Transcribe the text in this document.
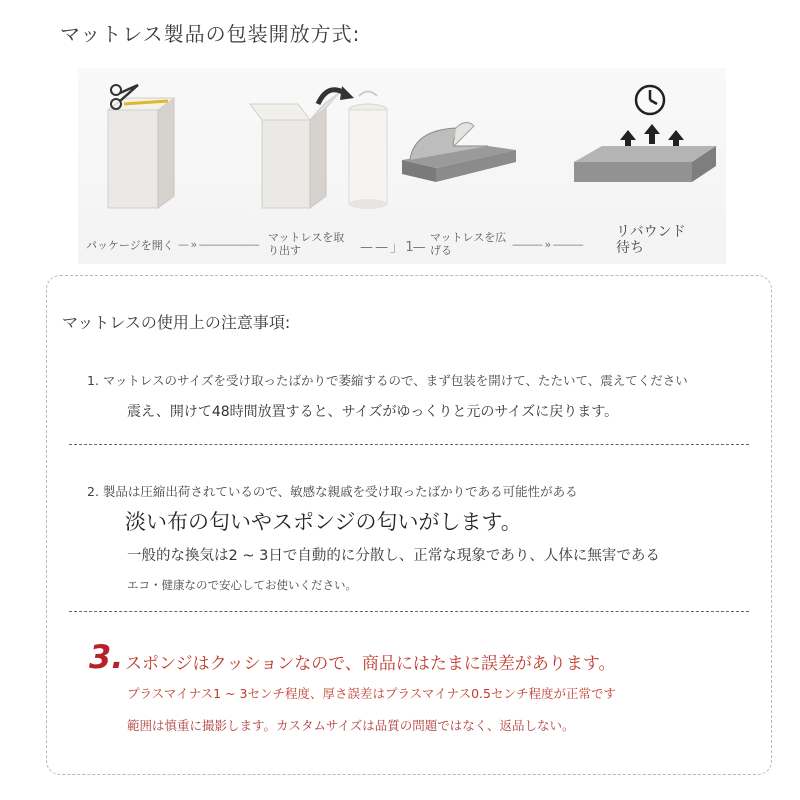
マットレス製品の包装開放方式:
パッケージを開く — » ——————
マットレスを取
り出す	— — 」 1—
マットレスを広
げる	——— » ———
リバウンド
待ち
マットレスの使用上の注意事項:
1. マットレスのサイズを受け取ったばかりで萎縮するので、まず包装を開けて、たたいて、震えてください
震え、開けて48時間放置すると、サイズがゆっくりと元のサイズに戻ります。
2. 製品は圧縮出荷されているので、敏感な親戚を受け取ったばかりである可能性がある
淡い布の匂いやスポンジの匂いがします。
一般的な換気は2 ~ 3日で自動的に分散し、正常な現象であり、人体に無害である
エコ・健康なので安心してお使いください。
3. スポンジはクッションなので、商品にはたまに誤差があります。
プラスマイナス1 ~ 3センチ程度、厚さ誤差はプラスマイナス0.5センチ程度が正常です
範囲は慎重に撮影します。カスタムサイズは品質の問題ではなく、返品しない。
